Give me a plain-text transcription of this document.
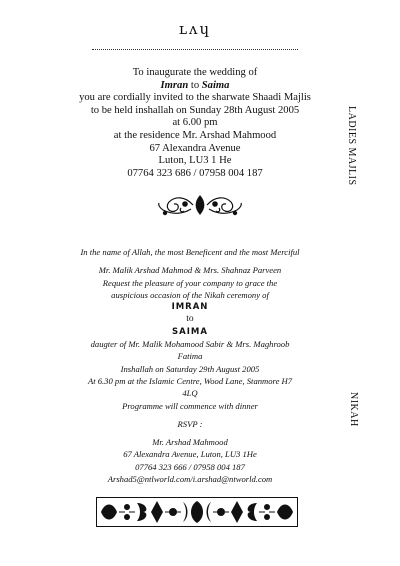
ʟʌɥ
To inaugurate the wedding of
Imran to Saima
you are cordially invited to the sharwate Shaadi Majlis
to be held inshallah on Sunday 28th August 2005
at 6.00 pm
at the residence Mr. Arshad Mahmood
67 Alexandra Avenue
Luton, LU3 1 He
07764 323 686 / 07958 004 187	LADIES MAJLIS
In the name of Allah, the most Beneficent and the most Merciful
Mr. Malik Arshad Mahmod & Mrs. Shahnaz Parveen
Request the pleasure of your company to grace the
auspicious occasion of the Nikah ceremony of
IMRAN
to
SAIMA
daugter of Mr. Malik Mohamood Sabir & Mrs. Maghroob
Fatima
Inshallah on Saturday 29th August 2005
At 6.30 pm at the Islamic Centre, Wood Lane, Stanmore H7
4LQ
Programme will commence with dinner
RSVP :
Mr. Arshad Mahmood
67 Alexandra Avenue, Luton, LU3 1He
07764 323 666 / 07958 004 187
Arshad5@ntlworld.com/i.arshad@ntworld.com
NIKAH
